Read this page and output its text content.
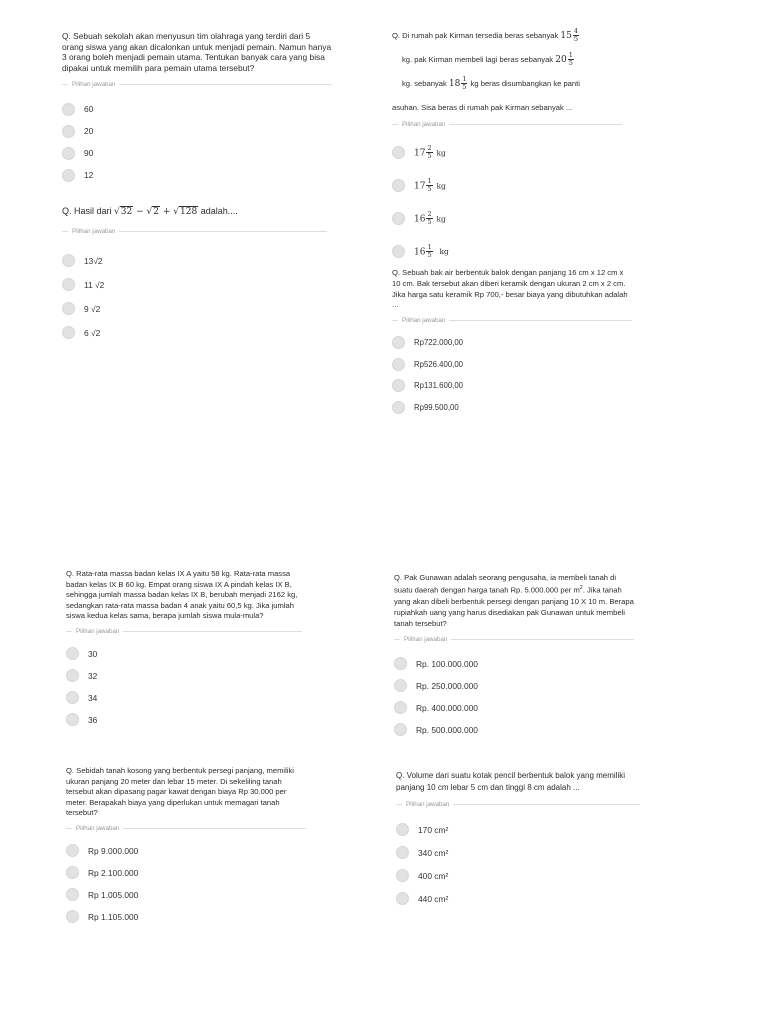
Q. Sebuah sekolah akan menyusun tim olahraga yang terdiri dari 5 orang siswa yang akan dicalonkan untuk menjadi pemain. Namun hanya 3 orang boleh menjadi pemain utama. Tentukan banyak cara yang bisa dipakai untuk memilih para pemain utama tersebut?

Pilihan jawaban
60
20
90
12

Q. Hasil dari √32 − √2 + √128 adalah....

Pilihan jawaban
13√2
11 √2
9 √2
6 √2

Q. Di rumah pak Kirman tersedia beras sebanyak $15 \frac{4}{5}$

kg. pak Kirman membeli lagi beras sebanyak $20 \frac{1}{5}$

kg. sebanyak $18 \frac{1}{5}$ kg beras disumbangkan ke panti
asuhan. Sisa beras di rumah pak Kirman sebanyak ...

Pilihan jawaban
$17 \frac{2}{5}$ kg
$17 \frac{1}{5}$ kg
$16 \frac{2}{5}$ kg
$16 \frac{1}{5}$ kg

Q. Sebuah bak air berbentuk balok dengan panjang 16 cm x 12 cm x 10 cm. Bak tersebut akan diberi keramik dengan ukuran 2 cm x 2 cm. Jika harga satu keramik Rp 700,- besar biaya yang dibutuhkan adalah ...

Pilihan jawaban
Rp722.000,00
Rp526.400,00
Rp131.600,00
Rp99.500,00

Q. Rata-rata massa badan kelas IX A yaitu 58 kg. Rata-rata massa badan kelas IX B 60 kg. Empat orang siswa IX A pindah kelas IX B, sehingga jumlah massa badan kelas IX B, berubah menjadi 2162 kg, sedangkan rata-rata massa badan 4 anak yaitu 60,5 kg. Jika jumlah siswa kedua kelas sama, berapa jumlah siswa mula-mula?

Pilihan jawaban
30
32
34
36

Q. Sebidah tanah kosong yang berbentuk persegi panjang, memiliki ukuran panjang 20 meter dan lebar 15 meter. Di sekeliling tanah tersebut akan dipasang pagar kawat dengan biaya Rp 30.000 per meter. Berapakah biaya yang diperlukan untuk memagari tanah tersebut?

Pilihan jawaban
Rp 9.000.000
Rp 2.100.000
Rp 1.005.000
Rp 1.105.000

Q. Pak Gunawan adalah seorang pengusaha, ia membeli tanah di suatu daerah dengan harga tanah Rp. 5.000.000 per $m^2$. Jika tanah yang akan dibeli berbentuk persegi dengan panjang 10 X 10 m. Berapa rupiahkah uang yang harus disediakan pak Gunawan untuk membeli tanah tersebut?

Pilihan jawaban
Rp. 100.000.000
Rp. 250.000.000
Rp. 400.000.000
Rp. 500.000.000

Q. Volume dari suatu kotak pencil berbentuk balok yang memiliki panjang 10 cm lebar 5 cm dan tinggi 8 cm adalah ...

Pilihan jawaban
170 cm²
340 cm²
400 cm²
440 cm²
